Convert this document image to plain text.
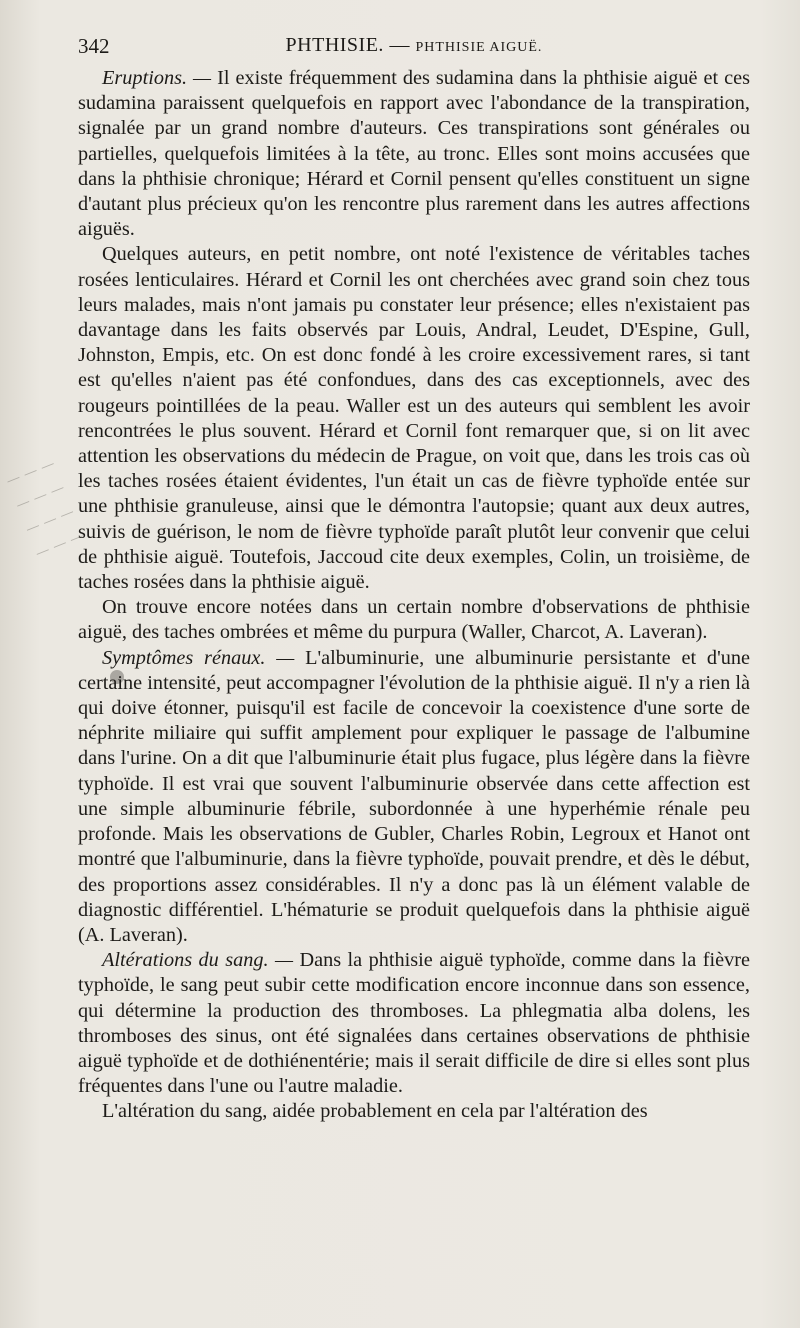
342	PHTHISIE. — PHTHISIE AIGUË.
— — —
— — —
— — —
— — —

Eruptions. — Il existe fréquemment des sudamina dans la phthisie aiguë et ces sudamina paraissent quelquefois en rapport avec l'abondance de la transpiration, signalée par un grand nombre d'auteurs. Ces transpirations sont générales ou partielles, quelquefois limitées à la tête, au tronc. Elles sont moins accusées que dans la phthisie chronique; Hérard et Cornil pensent qu'elles constituent un signe d'autant plus précieux qu'on les rencontre plus rarement dans les autres affections aiguës.

Quelques auteurs, en petit nombre, ont noté l'existence de véritables taches rosées lenticulaires. Hérard et Cornil les ont cherchées avec grand soin chez tous leurs malades, mais n'ont jamais pu constater leur présence; elles n'existaient pas davantage dans les faits observés par Louis, Andral, Leudet, D'Espine, Gull, Johnston, Empis, etc. On est donc fondé à les croire excessivement rares, si tant est qu'elles n'aient pas été confondues, dans des cas exceptionnels, avec des rougeurs pointillées de la peau. Waller est un des auteurs qui semblent les avoir rencontrées le plus souvent. Hérard et Cornil font remarquer que, si on lit avec attention les observations du médecin de Prague, on voit que, dans les trois cas où les taches rosées étaient évidentes, l'un était un cas de fièvre typhoïde entée sur une phthisie granuleuse, ainsi que le démontra l'autopsie; quant aux deux autres, suivis de guérison, le nom de fièvre typhoïde paraît plutôt leur convenir que celui de phthisie aiguë. Toutefois, Jaccoud cite deux exemples, Colin, un troisième, de taches rosées dans la phthisie aiguë.

On trouve encore notées dans un certain nombre d'observations de phthisie aiguë, des taches ombrées et même du purpura (Waller, Charcot, A. Laveran).

Symptômes rénaux. — L'albuminurie, une albuminurie persistante et d'une certaine intensité, peut accompagner l'évolution de la phthisie aiguë. Il n'y a rien là qui doive étonner, puisqu'il est facile de concevoir la coexistence d'une sorte de néphrite miliaire qui suffit amplement pour expliquer le passage de l'albumine dans l'urine. On a dit que l'albuminurie était plus fugace, plus légère dans la fièvre typhoïde. Il est vrai que souvent l'albuminurie observée dans cette affection est une simple albuminurie fébrile, subordonnée à une hyperhémie rénale peu profonde. Mais les observations de Gubler, Charles Robin, Legroux et Hanot ont montré que l'albuminurie, dans la fièvre typhoïde, pouvait prendre, et dès le début, des proportions assez considérables. Il n'y a donc pas là un élément valable de diagnostic différentiel. L'hématurie se produit quelquefois dans la phthisie aiguë (A. Laveran).

Altérations du sang. — Dans la phthisie aiguë typhoïde, comme dans la fièvre typhoïde, le sang peut subir cette modification encore inconnue dans son essence, qui détermine la production des thromboses. La phlegmatia alba dolens, les thromboses des sinus, ont été signalées dans certaines observations de phthisie aiguë typhoïde et de dothiénentérie; mais il serait difficile de dire si elles sont plus fréquentes dans l'une ou l'autre maladie.

L'altération du sang, aidée probablement en cela par l'altération des
